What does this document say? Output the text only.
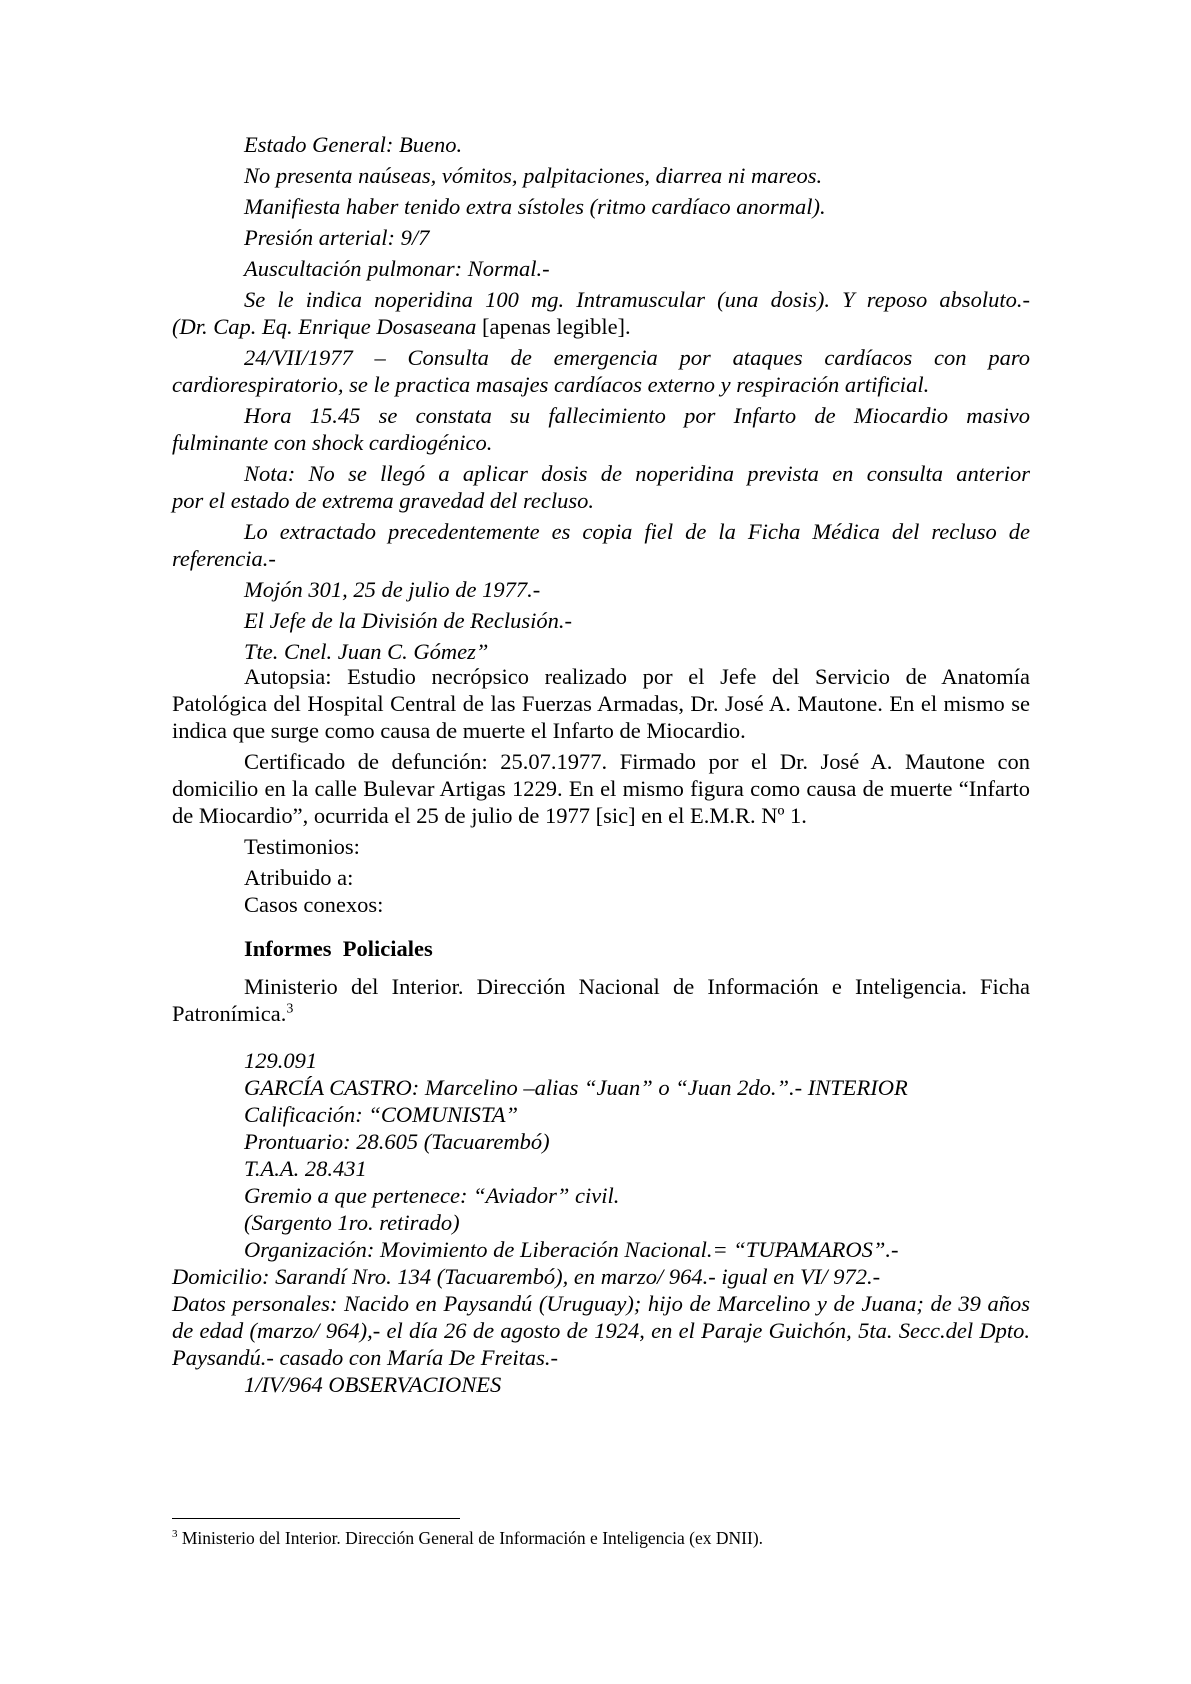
Estado General: Bueno.

No presenta naúseas, vómitos, palpitaciones, diarrea ni mareos.

Manifiesta haber tenido extra sístoles (ritmo cardíaco anormal).

Presión arterial: 9/7

Auscultación pulmonar: Normal.-

Se le indica noperidina 100 mg. Intramuscular (una dosis). Y reposo absoluto.-

(Dr. Cap. Eq. Enrique Dosaseana [apenas legible].

24/VII/1977 – Consulta de emergencia por ataques cardíacos con paro

cardiorespiratorio, se le practica masajes cardíacos externo y respiración artificial.

Hora 15.45 se constata su fallecimiento por Infarto de Miocardio masivo

fulminante con shock cardiogénico.

Nota: No se llegó a aplicar dosis de noperidina prevista en consulta anterior

por el estado de extrema gravedad del recluso.

Lo extractado precedentemente es copia fiel de la Ficha Médica del recluso de

referencia.-

Mojón 301, 25 de julio de 1977.-

El Jefe de la División de Reclusión.-

Tte. Cnel. Juan C. Gómez”

Autopsia: Estudio necrópsico realizado por el Jefe del Servicio de Anatomía Patológica del Hospital Central de las Fuerzas Armadas, Dr. José A. Mautone. En el mismo se indica que surge como causa de muerte el Infarto de Miocardio.

Certificado de defunción: 25.07.1977. Firmado por el Dr. José A. Mautone con domicilio en la calle Bulevar Artigas 1229. En el mismo figura como causa de muerte “Infarto de Miocardio”, ocurrida el 25 de julio de 1977 [sic] en el E.M.R. Nº 1.

Testimonios:

Atribuido a:

Casos conexos:

Informes  Policiales

Ministerio del Interior. Dirección Nacional de Información e Inteligencia. Ficha Patronímica.$^3$

129.091

GARCÍA CASTRO: Marcelino –alias “Juan” o “Juan 2do.”.- INTERIOR

Calificación: “COMUNISTA”

Prontuario: 28.605 (Tacuarembó)

T.A.A. 28.431

Gremio a que pertenece: “Aviador” civil.

(Sargento 1ro. retirado)

Organización: Movimiento de Liberación Nacional.= “TUPAMAROS”.-

Domicilio: Sarandí Nro. 134 (Tacuarembó), en marzo/ 964.- igual en VI/ 972.-

Datos personales: Nacido en Paysandú (Uruguay); hijo de Marcelino y de Juana; de 39 años de edad (marzo/ 964),- el día 26 de agosto de 1924, en el Paraje Guichón, 5ta. Secc.del Dpto. Paysandú.- casado con María De Freitas.-

1/IV/964 OBSERVACIONES

$^3$ Ministerio del Interior. Dirección General de Información e Inteligencia (ex DNII).
